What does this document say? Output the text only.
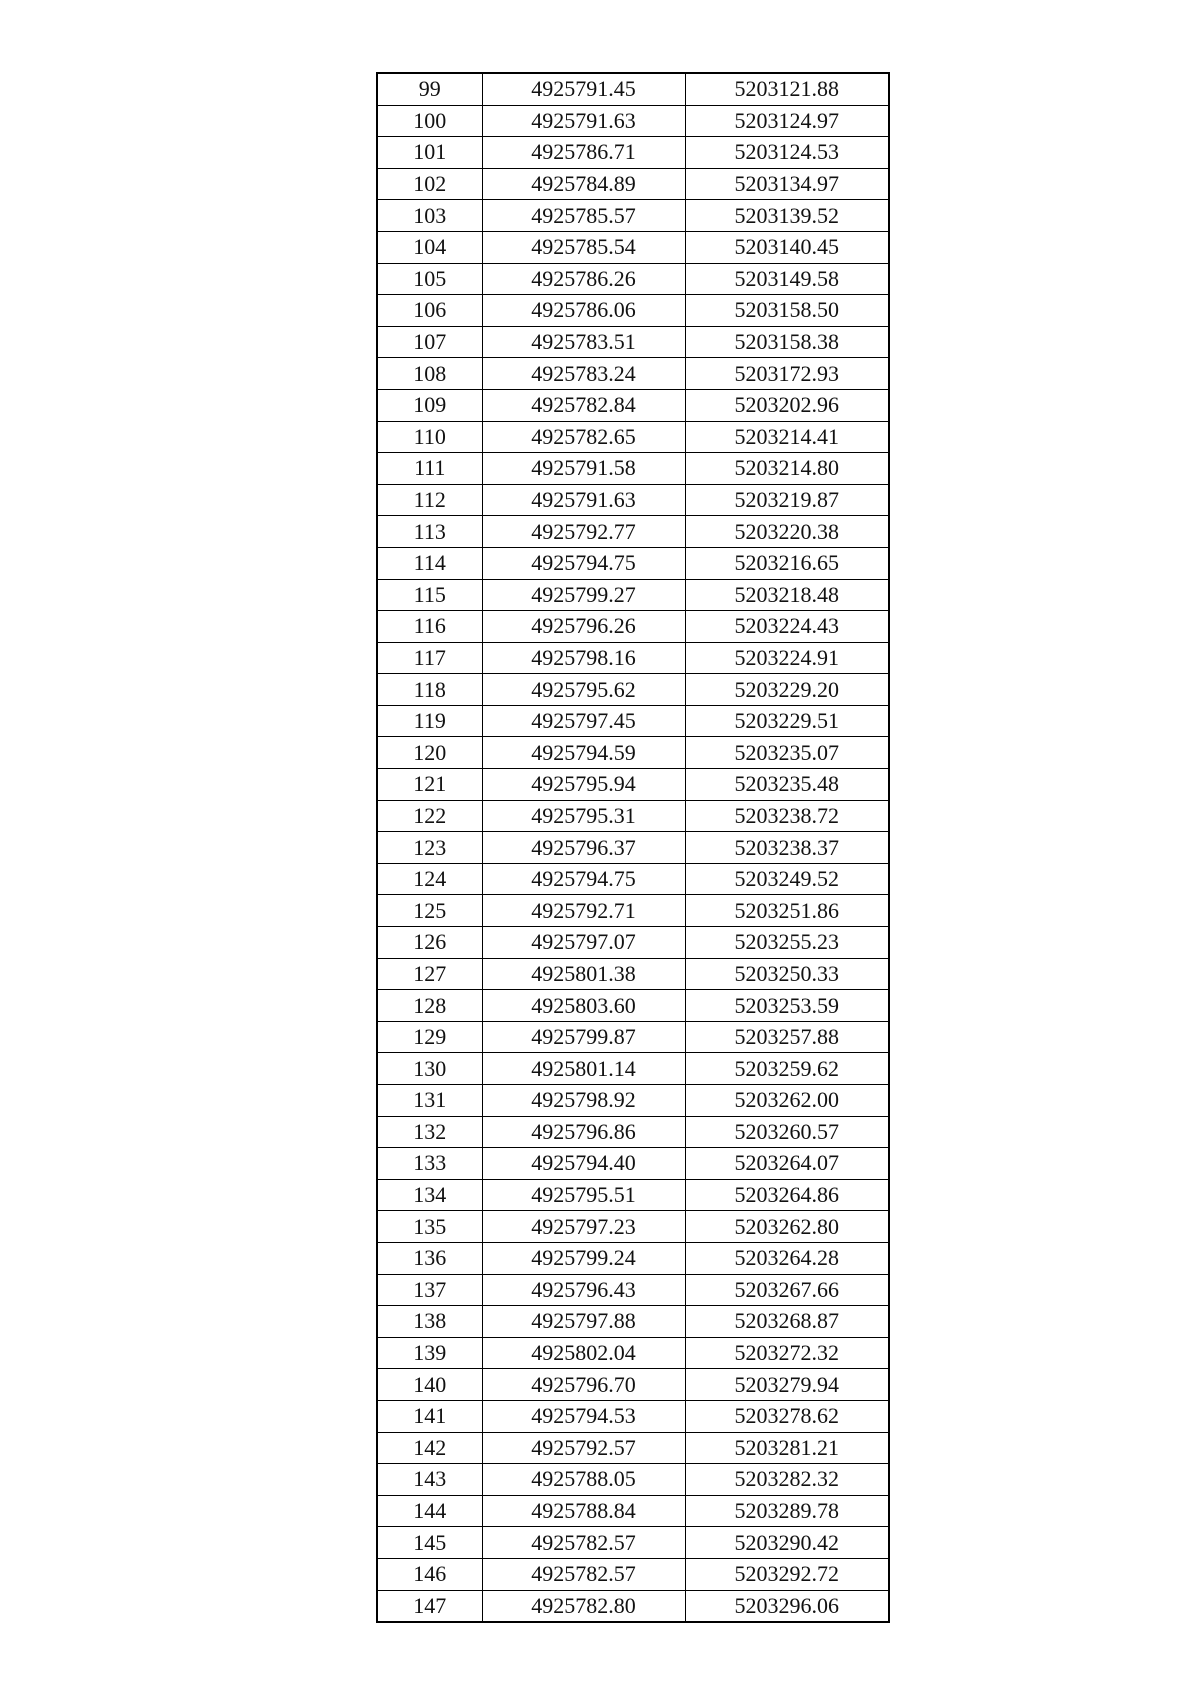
99	4925791.45	5203121.88
100	4925791.63	5203124.97
101	4925786.71	5203124.53
102	4925784.89	5203134.97
103	4925785.57	5203139.52
104	4925785.54	5203140.45
105	4925786.26	5203149.58
106	4925786.06	5203158.50
107	4925783.51	5203158.38
108	4925783.24	5203172.93
109	4925782.84	5203202.96
110	4925782.65	5203214.41
111	4925791.58	5203214.80
112	4925791.63	5203219.87
113	4925792.77	5203220.38
114	4925794.75	5203216.65
115	4925799.27	5203218.48
116	4925796.26	5203224.43
117	4925798.16	5203224.91
118	4925795.62	5203229.20
119	4925797.45	5203229.51
120	4925794.59	5203235.07
121	4925795.94	5203235.48
122	4925795.31	5203238.72
123	4925796.37	5203238.37
124	4925794.75	5203249.52
125	4925792.71	5203251.86
126	4925797.07	5203255.23
127	4925801.38	5203250.33
128	4925803.60	5203253.59
129	4925799.87	5203257.88
130	4925801.14	5203259.62
131	4925798.92	5203262.00
132	4925796.86	5203260.57
133	4925794.40	5203264.07
134	4925795.51	5203264.86
135	4925797.23	5203262.80
136	4925799.24	5203264.28
137	4925796.43	5203267.66
138	4925797.88	5203268.87
139	4925802.04	5203272.32
140	4925796.70	5203279.94
141	4925794.53	5203278.62
142	4925792.57	5203281.21
143	4925788.05	5203282.32
144	4925788.84	5203289.78
145	4925782.57	5203290.42
146	4925782.57	5203292.72
147	4925782.80	5203296.06
